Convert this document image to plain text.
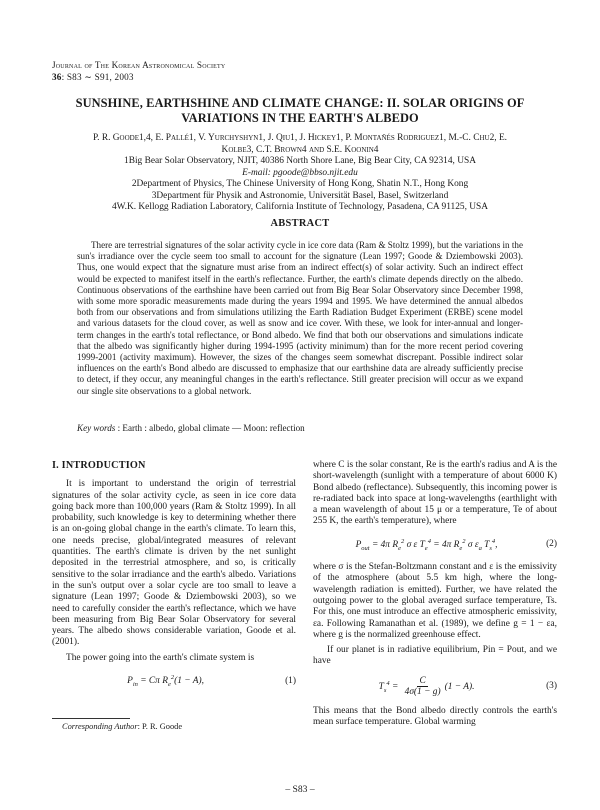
Journal of The Korean Astronomical Society
36: S83 ∼ S91, 2003
SUNSHINE, EARTHSHINE AND CLIMATE CHANGE: II. SOLAR ORIGINS OF
VARIATIONS IN THE EARTH'S ALBEDO
P. R. Goode1,4, E. Pallé1, V. Yurchyshyn1, J. Qiu1, J. Hickey1, P. Montañés Rodriguez1, M.-C. Chu2, E.
Kolbe3, C.T. Brown4 and S.E. Koonin4
1Big Bear Solar Observatory, NJIT, 40386 North Shore Lane, Big Bear City, CA 92314, USA
E-mail: pgoode@bbso.njit.edu
2Department of Physics, The Chinese University of Hong Kong, Shatin N.T., Hong Kong
3Department für Physik and Astronomie, Universität Basel, Basel, Switzerland
4W.K. Kellogg Radiation Laboratory, California Institute of Technology, Pasadena, CA 91125, USA
ABSTRACT
There are terrestrial signatures of the solar activity cycle in ice core data (Ram & Stoltz 1999), but the variations in the sun's irradiance over the cycle seem too small to account for the signature (Lean 1997; Goode & Dziembowski 2003). Thus, one would expect that the signature must arise from an indirect effect(s) of solar activity. Such an indirect effect would be expected to manifest itself in the earth's reflectance. Further, the earth's climate depends directly on the albedo. Continuous observations of the earthshine have been carried out from Big Bear Solar Observatory since December 1998, with some more sporadic measurements made during the years 1994 and 1995. We have determined the annual albedos both from our observations and from simulations utilizing the Earth Radiation Budget Experiment (ERBE) scene model and various datasets for the cloud cover, as well as snow and ice cover. With these, we look for inter-annual and longer-term changes in the earth's total reflectance, or Bond albedo. We find that both our observations and simulations indicate that the albedo was significantly higher during 1994-1995 (activity minimum) than for the more recent period covering 1999-2001 (activity maximum). However, the sizes of the changes seem somewhat discrepant. Possible indirect solar influences on the earth's Bond albedo are discussed to emphasize that our earthshine data are already sufficiently precise to detect, if they occur, any meaningful changes in the earth's reflectance. Still greater precision will occur as we expand our single site observations to a global network.
Key words : Earth : albedo, global climate — Moon: reflection
I. INTRODUCTION
It is important to understand the origin of terrestrial signatures of the solar activity cycle, as seen in ice core data going back more than 100,000 years (Ram & Stoltz 1999). In all probability, such knowledge is key to determining whether there is an on-going global change in the earth's climate. To learn this, one needs precise, global/integrated measures of relevant quantities. The earth's climate is driven by the net sunlight deposited in the terrestrial atmosphere, and so, is critically sensitive to the solar irradiance and the earth's albedo. Variations in the sun's output over a solar cycle are too small to leave a signature (Lean 1997; Goode & Dziembowski 2003), so we need to carefully consider the earth's reflectance, which we have been measuring from Big Bear Solar Observatory for several years. The albedo shows considerable variation, Goode et al. (2001).
The power going into the earth's climate system is
$P_{in} = C\pi$ $R_e^2(1 - A)$,	(1)
where C is the solar constant, Re is the earth's radius and A is the short-wavelength (sunlight with a temperature of about 6000 K) Bond albedo (reflectance). Subsequently, this incoming power is re-radiated back into space at long-wavelengths (earthlight with a mean wavelength of about 15 μ or a temperature, Te of about 255 K, the earth's temperature), where
$P_{out} = 4\pi$ $R_e^2$ σ ε $T_e^4 = 4\pi$ $R_e^2$ σ $\varepsilon_a$ $T_s^4$,	(2)
where σ is the Stefan-Boltzmann constant and ε is the emissivity of the atmosphere (about 5.5 km high, where the long-wavelength radiation is emitted). Further, we have related the outgoing power to the global averaged surface temperature, Ts. For this, one must introduce an effective atmospheric emissivity, εa. Following Ramanathan et al. (1989), we define g = 1 − εa, where g is the normalized greenhouse effect.
If our planet is in radiative equilibrium, Pin = Pout, and we have
$T_s^4 = \frac{C}{4\sigma(1 - g)} (1 - A)$.	(3)
This means that the Bond albedo directly controls the earth's mean surface temperature. Global warming
Corresponding Author: P. R. Goode
– S83 –
